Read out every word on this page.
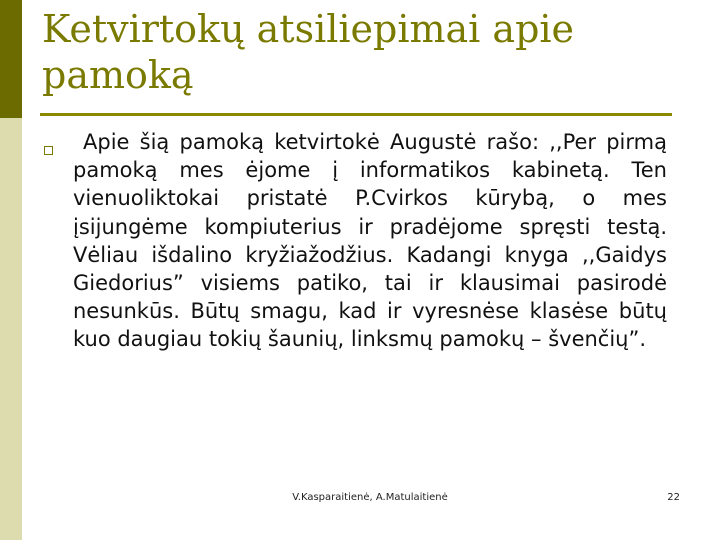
Ketvirtokų atsiliepimai apie pamoką

Apie šią pamoką ketvirtokė Augustė rašo: ,,Per pirmą pamoką mes ėjome į informatikos kabinetą. Ten vienuoliktokai pristatė P.Cvirkos kūrybą, o mes įsijungėme kompiuterius ir pradėjome spręsti testą. Vėliau išdalino kryžiažodžius. Kadangi knyga ,,Gaidys Giedorius” visiems patiko, tai ir klausimai pasirodė nesunkūs. Būtų smagu, kad ir vyresnėse klasėse būtų kuo daugiau tokių šaunių, linksmų pamokų – švenčių”.

V.Kasparaitienė, A.Matulaitienė	22
